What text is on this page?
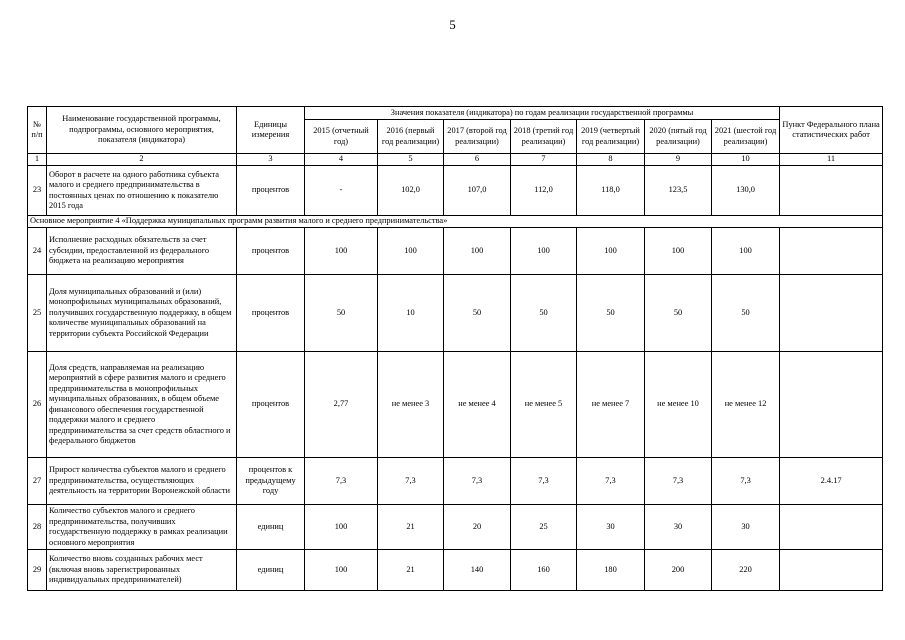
5
№ п/п	Наименование государственной программы, подпрограммы, основного мероприятия, показателя (индикатора)	Единицы измерения	Значения показателя (индикатора) по годам реализации государственной программы							Пункт Федерального плана статистических работ
			2015 (отчетный год)	2016 (первый год реализации)	2017 (второй год реализации)	2018 (третий год реализации)	2019 (четвертый год реализации)	2020 (пятый год реализации)	2021 (шестой год реализации)	
1	2	3	4	5	6	7	8	9	10	11
23	Оборот в расчете на одного работника субъекта малого и среднего предпринимательства в постоянных ценах по отношению к показателю 2015 года	процентов	-	102,0	107,0	112,0	118,0	123,5	130,0	
Основное мероприятие 4 «Поддержка муниципальных программ развития малого и среднего предпринимательства»										
24	Исполнение расходных обязательств за счет субсидии, предоставленной из федерального бюджета на реализацию мероприятия	процентов	100	100	100	100	100	100	100	
25	Доля муниципальных образований и (или) монопрофильных муниципальных образований, получивших государственную поддержку, в общем количестве муниципальных образований на территории субъекта Российской Федерации	процентов	50	10	50	50	50	50	50	
26	Доля средств, направляемая на реализацию мероприятий в сфере развития малого и среднего предпринимательства в монопрофильных муниципальных образованиях, в общем объеме финансового обеспечения государственной поддержки малого и среднего предпринимательства за счет средств областного и федерального бюджетов	процентов	2,77	не менее 3	не менее 4	не менее 5	не менее 7	не менее 10	не менее 12	
27	Прирост количества субъектов малого и среднего предпринимательства, осуществляющих деятельность на территории Воронежской области	процентов к предыдущему году	7,3	7,3	7,3	7,3	7,3	7,3	7,3	2.4.17
28	Количество субъектов малого и среднего предпринимательства, получивших государственную поддержку в рамках реализации основного мероприятия	единиц	100	21	20	25	30	30	30	
29	Количество вновь созданных рабочих мест (включая вновь зарегистрированных индивидуальных предпринимателей)	единиц	100	21	140	160	180	200	220	
